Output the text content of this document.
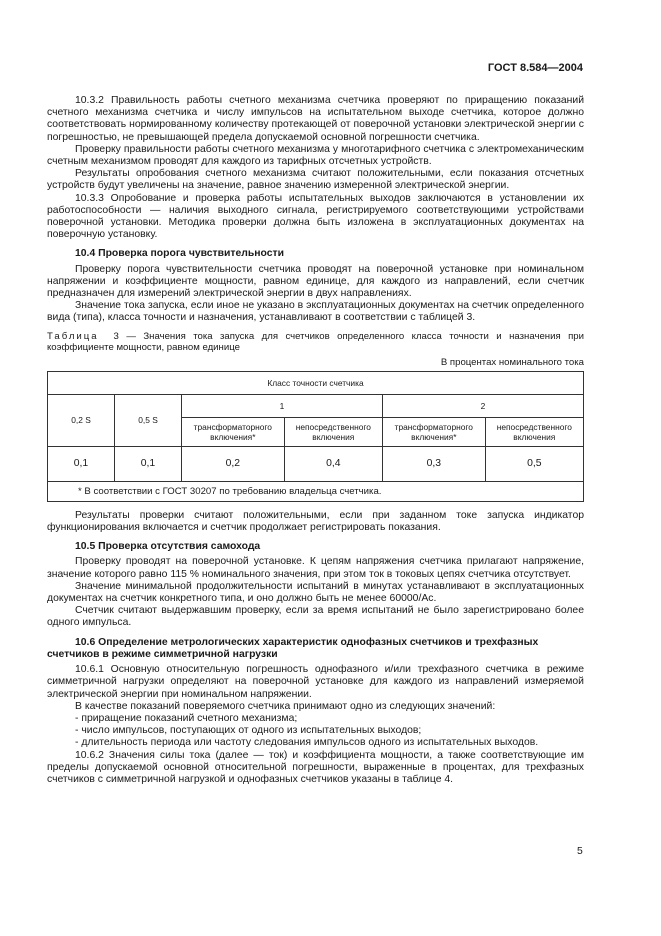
ГОСТ 8.584—2004

10.3.2 Правильность работы счетного механизма счетчика проверяют по приращению показаний счетного механизма счетчика и числу импульсов на испытательном выходе счетчика, которое должно соответствовать нормированному количеству протекающей от поверочной установки электрической энергии с погрешностью, не превышающей предела допускаемой основной погрешности счетчика.

Проверку правильности работы счетного механизма у многотарифного счетчика с электромеханическим счетным механизмом проводят для каждого из тарифных отсчетных устройств.

Результаты опробования счетного механизма считают положительными, если показания отсчетных устройств будут увеличены на значение, равное значению измеренной электрической энергии.

10.3.3 Опробование и проверка работы испытательных выходов заключаются в установлении их работоспособности — наличия выходного сигнала, регистрируемого соответствующими устройствами поверочной установки. Методика проверки должна быть изложена в эксплуатационных документах на поверочную установку.

10.4 Проверка порога чувствительности

Проверку порога чувствительности счетчика проводят на поверочной установке при номинальном напряжении и коэффициенте мощности, равном единице, для каждого из направлений, если счетчик предназначен для измерений электрической энергии в двух направлениях.

Значение тока запуска, если иное не указано в эксплуатационных документах на счетчик определенного вида (типа), класса точности и назначения, устанавливают в соответствии с таблицей 3.

Таблица 3 — Значения тока запуска для счетчиков определенного класса точности и назначения при коэффициенте мощности, равном единице

В процентах номинального тока
Класс точности счетчика					
0,2 S	0,5 S	1		2	
		трансформаторного включения*	непосредственного включения	трансформаторного включения*	непосредственного включения
0,1	0,1	0,2	0,4	0,3	0,5
* В соответствии с ГОСТ 30207 по требованию владельца счетчика.					

Результаты проверки считают положительными, если при заданном токе запуска индикатор функционирования включается и счетчик продолжает регистрировать показания.

10.5 Проверка отсутствия самохода

Проверку проводят на поверочной установке. К цепям напряжения счетчика прилагают напряжение, значение которого равно 115 % номинального значения, при этом ток в токовых цепях счетчика отсутствует.

Значение минимальной продолжительности испытаний в минутах устанавливают в эксплуатационных документах на счетчик конкретного типа, и оно должно быть не менее 60000/Aс.

Счетчик считают выдержавшим проверку, если за время испытаний не было зарегистрировано более одного импульса.

10.6 Определение метрологических характеристик однофазных счетчиков и трехфазных счетчиков в режиме симметричной нагрузки

10.6.1 Основную относительную погрешность однофазного и/или трехфазного счетчика в режиме симметричной нагрузки определяют на поверочной установке для каждого из направлений измеряемой электрической энергии при номинальном напряжении.

В качестве показаний поверяемого счетчика принимают одно из следующих значений:

- приращение показаний счетного механизма;

- число импульсов, поступающих от одного из испытательных выходов;

- длительность периода или частоту следования импульсов одного из испытательных выходов.

10.6.2 Значения силы тока (далее — ток) и коэффициента мощности, а также соответствующие им пределы допускаемой основной относительной погрешности, выраженные в процентах, для трехфазных счетчиков с симметричной нагрузкой и однофазных счетчиков указаны в таблице 4.

5
